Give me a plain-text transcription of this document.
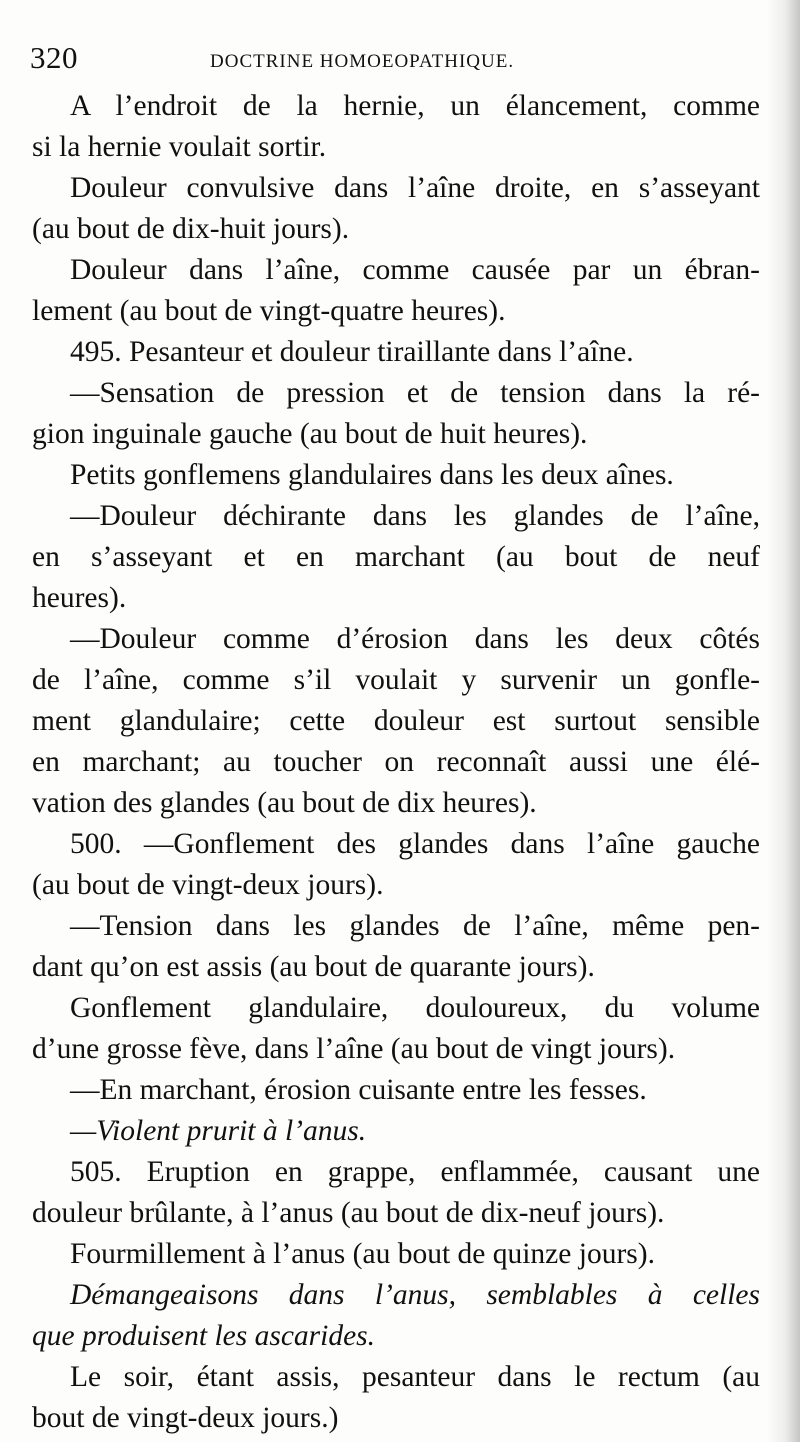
320	DOCTRINE HOMOEOPATHIQUE.
A l’endroit de la hernie, un élancement, comme
si la hernie voulait sortir.
Douleur convulsive dans l’aîne droite, en s’asseyant
(au bout de dix-huit jours).
Douleur dans l’aîne, comme causée par un ébran-
lement (au bout de vingt-quatre heures).
495. Pesanteur et douleur tiraillante dans l’aîne.
—Sensation de pression et de tension dans la ré-
gion inguinale gauche (au bout de huit heures).
Petits gonflemens glandulaires dans les deux aînes.
—Douleur déchirante dans les glandes de l’aîne,
en s’asseyant et en marchant (au bout de neuf
heures).
—Douleur comme d’érosion dans les deux côtés
de l’aîne, comme s’il voulait y survenir un gonfle-
ment glandulaire; cette douleur est surtout sensible
en marchant; au toucher on reconnaît aussi une élé-
vation des glandes (au bout de dix heures).
500. —Gonflement des glandes dans l’aîne gauche
(au bout de vingt-deux jours).
—Tension dans les glandes de l’aîne, même pen-
dant qu’on est assis (au bout de quarante jours).
Gonflement glandulaire, douloureux, du volume
d’une grosse fève, dans l’aîne (au bout de vingt jours).
—En marchant, érosion cuisante entre les fesses.
—Violent prurit à l’anus.
505. Eruption en grappe, enflammée, causant une
douleur brûlante, à l’anus (au bout de dix-neuf jours).
Fourmillement à l’anus (au bout de quinze jours).
Démangeaisons dans l’anus, semblables à celles
que produisent les ascarides.
Le soir, étant assis, pesanteur dans le rectum (au
bout de vingt-deux jours.)
